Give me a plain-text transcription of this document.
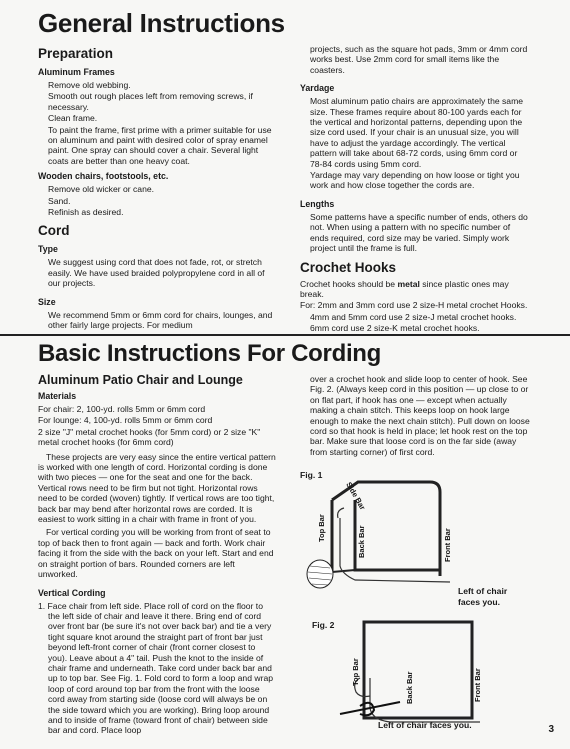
General Instructions
Preparation
Aluminum Frames

Remove old webbing.

Smooth out rough places left from removing screws, if necessary.

Clean frame.

To paint the frame, first prime with a primer suitable for use on aluminum and paint with desired color of spray enamel paint. One spray can should cover a chair. Several light coats are better than one heavy coat.

Wooden chairs, footstools, etc.

Remove old wicker or cane.

Sand.

Refinish as desired.

Cord
Type

We suggest using cord that does not fade, rot, or stretch easily. We have used braided polypropylene cord in all of our projects.

Size

We recommend 5mm or 6mm cord for chairs, lounges, and other fairly large projects. For medium

projects, such as the square hot pads, 3mm or 4mm cord works best. Use 2mm cord for small items like the coasters.

Yardage

Most aluminum patio chairs are approximately the same size. These frames require about 80-100 yards each for the vertical and horizontal patterns, depending upon the size cord used. If your chair is an unusual size, you will have to adjust the yardage accordingly. The vertical pattern will take about 68-72 cords, using 6mm cord or 78-84 cords using 5mm cord.

Yardage may vary depending on how loose or tight you work and how close together the cords are.

Lengths

Some patterns have a specific number of ends, others do not. When using a pattern with no specific number of ends required, cord size may be varied. Simply work project until the frame is full.

Crochet Hooks

Crochet hooks should be metal since plastic ones may break.

For: 2mm and 3mm cord use 2 size-H metal crochet Hooks.

4mm and 5mm cord use 2 size-J metal crochet hooks.

6mm cord use 2 size-K metal crochet hooks.

Basic Instructions For Cording
Aluminum Patio Chair and Lounge
Materials

For chair: 2, 100-yd. rolls 5mm or 6mm cord

For lounge: 4, 100-yd. rolls 5mm or 6mm cord

2 size "J" metal crochet hooks (for 5mm cord) or 2 size "K" metal crochet hooks (for 6mm cord)

These projects are very easy since the entire vertical pattern is worked with one length of cord. Horizontal cording is done with two pieces — one for the seat and one for the back. Vertical rows need to be firm but not tight. Horizontal rows need to be corded (woven) tightly. If vertical rows are too tight, back bar may bend after horizontal rows are corded. It is easiest to work sitting in a chair with frame in front of you.

For vertical cording you will be working from front of seat to top of back then to front again — back and forth. Work chair facing it from the side with the back on your left. Start and end on straight portion of bars. Rounded corners are left unworked.

Vertical Cording

1. Face chair from left side. Place roll of cord on the floor to the left side of chair and leave it there. Bring end of cord over front bar (be sure it's not over back bar) and tie a very tight square knot around the straight part of front bar just beyond left-front corner of chair (front corner closest to you). Leave about a 4" tail. Push the knot to the inside of chair frame and underneath. Take cord under back bar and up to top bar. See Fig. 1. Fold cord to form a loop and wrap loop of cord around top bar from the front with the loose cord away from starting side (loose cord will always be on the side toward which you are working). Bring loop around and to inside of frame (toward front of chair) between side bar and cord. Place loop

over a crochet hook and slide loop to center of hook. See Fig. 2. (Always keep cord in this position — up close to or on flat part, if hook has one — except when actually making a chain stitch. This keeps loop on hook large enough to make the next chain stitch). Pull down on loose cord so that hook is held in place; let hook rest on the top bar. Make sure that loose cord is on the far side (away from starting corner) of first cord.

Fig. 1
Top Bar
Side Bar
Back Bar	Front Bar
Left of chair faces you.
Fig. 2
Top Bar	Back Bar	Front Bar
Left of chair faces you.	3
